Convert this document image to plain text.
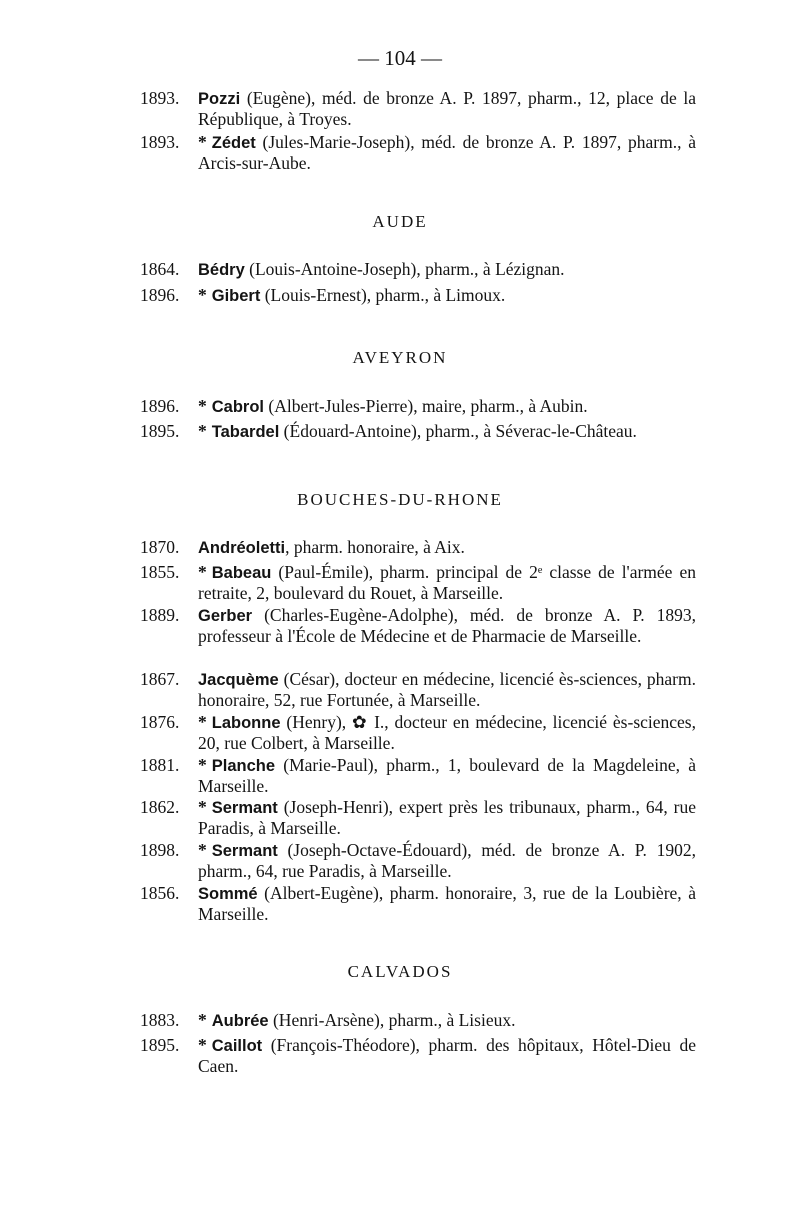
— 104 —
1893.	Pozzi (Eugène), méd. de bronze A. P. 1897, pharm., 12, place de la République, à Troyes.
1893.	* Zédet (Jules-Marie-Joseph), méd. de bronze A. P. 1897, pharm., à Arcis-sur-Aube.
AUDE
1864.	Bédry (Louis-Antoine-Joseph), pharm., à Lézignan.
1896.	* Gibert (Louis-Ernest), pharm., à Limoux.
AVEYRON
1896.	* Cabrol (Albert-Jules-Pierre), maire, pharm., à Aubin.
1895.	* Tabardel (Édouard-Antoine), pharm., à Séverac-le-Château.
BOUCHES-DU-RHONE
1870.	Andréoletti, pharm. honoraire, à Aix.
1855.	* Babeau (Paul-Émile), pharm. principal de 2ᵉ classe de l'armée en retraite, 2, boulevard du Rouet, à Marseille.
1889.	Gerber (Charles-Eugène-Adolphe), méd. de bronze A. P. 1893, professeur à l'École de Médecine et de Pharmacie de Marseille.
1867.	Jacquème (César), docteur en médecine, licencié ès-sciences, pharm. honoraire, 52, rue Fortunée, à Marseille.
1876.	* Labonne (Henry), ✿ I., docteur en médecine, licencié ès-sciences, 20, rue Colbert, à Marseille.
1881.	* Planche (Marie-Paul), pharm., 1, boulevard de la Magdeleine, à Marseille.
1862.	* Sermant (Joseph-Henri), expert près les tribunaux, pharm., 64, rue Paradis, à Marseille.
1898.	* Sermant (Joseph-Octave-Édouard), méd. de bronze A. P. 1902, pharm., 64, rue Paradis, à Marseille.
1856.	Sommé (Albert-Eugène), pharm. honoraire, 3, rue de la Loubière, à Marseille.
CALVADOS
1883.	* Aubrée (Henri-Arsène), pharm., à Lisieux.
1895.	* Caillot (François-Théodore), pharm. des hôpitaux, Hôtel-Dieu de Caen.
